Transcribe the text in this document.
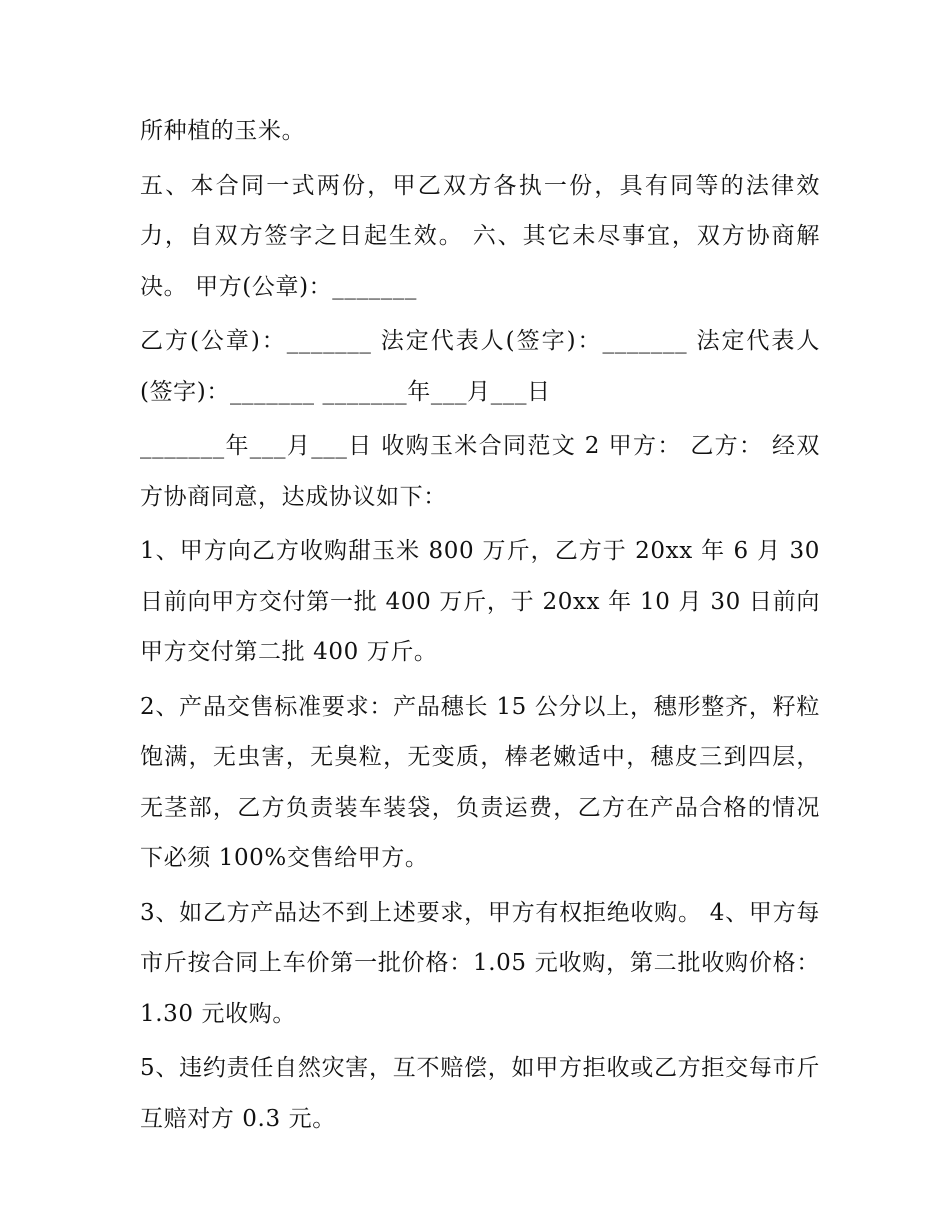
所种植的玉米。

五、本合同一式两份，甲乙双方各执一份，具有同等的法律效力，自双方签字之日起生效。 六、其它未尽事宜，双方协商解决。 甲方(公章)：_______

乙方(公章)：_______ 法定代表人(签字)：_______ 法定代表人(签字)：_______ _______年___月___日

_______年___月___日 收购玉米合同范文 2 甲方： 乙方： 经双方协商同意，达成协议如下：

1、甲方向乙方收购甜玉米 800 万斤，乙方于 20xx 年 6 月 30 日前向甲方交付第一批 400 万斤，于 20xx 年 10 月 30 日前向甲方交付第二批 400 万斤。

2、产品交售标准要求：产品穗长 15 公分以上，穗形整齐，籽粒饱满，无虫害，无臭粒，无变质，棒老嫩适中，穗皮三到四层，无茎部，乙方负责装车装袋，负责运费，乙方在产品合格的情况下必须 100%交售给甲方。

3、如乙方产品达不到上述要求，甲方有权拒绝收购。 4、甲方每市斤按合同上车价第一批价格：1.05 元收购，第二批收购价格：1.30 元收购。

5、违约责任自然灾害，互不赔偿，如甲方拒收或乙方拒交每市斤互赔对方 0.3 元。
